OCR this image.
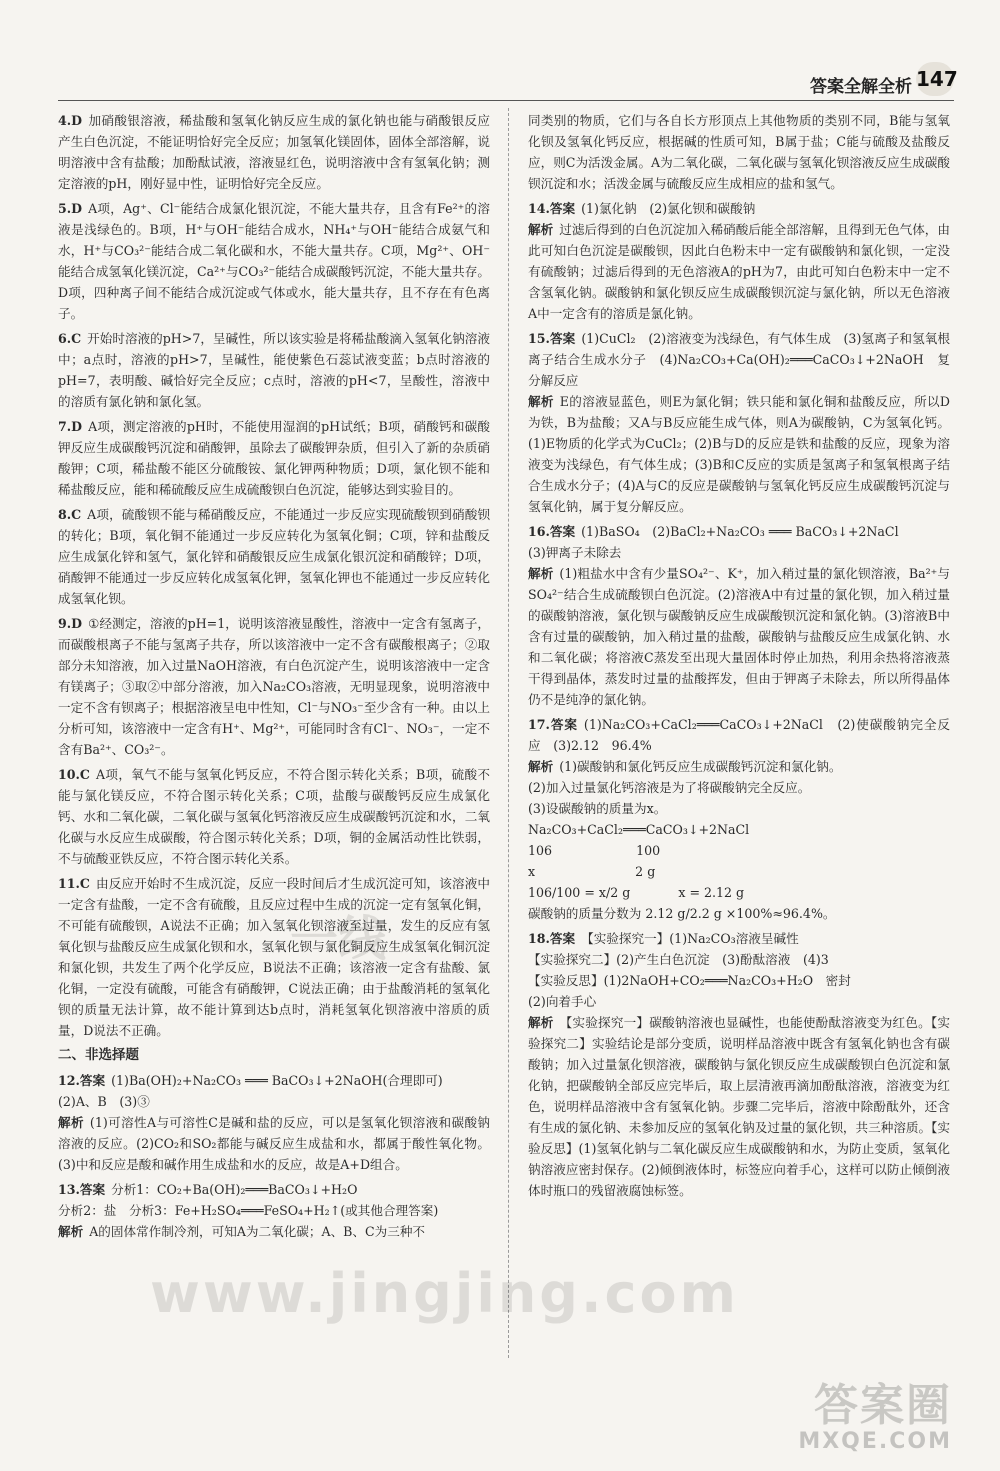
答案全解全析 147

4.D 加硝酸银溶液，稀盐酸和氢氧化钠反应生成的氯化钠也能与硝酸银反应产生白色沉淀，不能证明恰好完全反应；加氢氧化镁固体，固体全部溶解，说明溶液中含有盐酸；加酚酞试液，溶液显红色，说明溶液中含有氢氧化钠；测定溶液的pH，刚好显中性，证明恰好完全反应。

5.D A项，Ag⁺、Cl⁻能结合成氯化银沉淀，不能大量共存，且含有Fe²⁺的溶液是浅绿色的。B项，H⁺与OH⁻能结合成水，NH₄⁺与OH⁻能结合成氨气和水，H⁺与CO₃²⁻能结合成二氧化碳和水，不能大量共存。C项，Mg²⁺、OH⁻能结合成氢氧化镁沉淀，Ca²⁺与CO₃²⁻能结合成碳酸钙沉淀，不能大量共存。D项，四种离子间不能结合成沉淀或气体或水，能大量共存，且不存在有色离子。

6.C 开始时溶液的pH>7，呈碱性，所以该实验是将稀盐酸滴入氢氧化钠溶液中；a点时，溶液的pH>7，呈碱性，能使紫色石蕊试液变蓝；b点时溶液的pH=7，表明酸、碱恰好完全反应；c点时，溶液的pH<7，呈酸性，溶液中的溶质有氯化钠和氯化氢。

7.D A项，测定溶液的pH时，不能使用湿润的pH试纸；B项，硝酸钙和碳酸钾反应生成碳酸钙沉淀和硝酸钾，虽除去了碳酸钾杂质，但引入了新的杂质硝酸钾；C项，稀盐酸不能区分硫酸铵、氯化钾两种物质；D项，氯化钡不能和稀盐酸反应，能和稀硫酸反应生成硫酸钡白色沉淀，能够达到实验目的。

8.C A项，硫酸钡不能与稀硝酸反应，不能通过一步反应实现硫酸钡到硝酸钡的转化；B项，氧化铜不能通过一步反应转化为氢氧化铜；C项，锌和盐酸反应生成氯化锌和氢气，氯化锌和硝酸银反应生成氯化银沉淀和硝酸锌；D项，硝酸钾不能通过一步反应转化成氢氧化钾，氢氧化钾也不能通过一步反应转化成氢氧化钡。

9.D ①经测定，溶液的pH=1，说明该溶液显酸性，溶液中一定含有氢离子，而碳酸根离子不能与氢离子共存，所以该溶液中一定不含有碳酸根离子；②取部分未知溶液，加入过量NaOH溶液，有白色沉淀产生，说明该溶液中一定含有镁离子；③取②中部分溶液，加入Na₂CO₃溶液，无明显现象，说明溶液中一定不含有钡离子；根据溶液呈电中性知，Cl⁻与NO₃⁻至少含有一种。由以上分析可知，该溶液中一定含有H⁺、Mg²⁺，可能同时含有Cl⁻、NO₃⁻，一定不含有Ba²⁺、CO₃²⁻。

10.C A项，氧气不能与氢氧化钙反应，不符合图示转化关系；B项，硫酸不能与氯化镁反应，不符合图示转化关系；C项，盐酸与碳酸钙反应生成氯化钙、水和二氧化碳，二氧化碳与氢氧化钙溶液反应生成碳酸钙沉淀和水，二氧化碳与水反应生成碳酸，符合图示转化关系；D项，铜的金属活动性比铁弱，不与硫酸亚铁反应，不符合图示转化关系。

11.C 由反应开始时不生成沉淀，反应一段时间后才生成沉淀可知，该溶液中一定含有盐酸，一定不含有硫酸，且反应过程中生成的沉淀一定有氢氧化铜，不可能有硫酸钡，A说法不正确；加入氢氧化钡溶液至过量，发生的反应有氢氧化钡与盐酸反应生成氯化钡和水，氢氧化钡与氯化铜反应生成氢氧化铜沉淀和氯化钡，共发生了两个化学反应，B说法不正确；该溶液一定含有盐酸、氯化铜，一定没有硫酸，可能含有硝酸钾，C说法正确；由于盐酸消耗的氢氧化钡的质量无法计算，故不能计算到达b点时，消耗氢氧化钡溶液中溶质的质量，D说法不正确。

二、非选择题

12.答案 (1)Ba(OH)₂+Na₂CO₃ ═══ BaCO₃↓+2NaOH(合理即可)

(2)A、B　(3)③

解析 (1)可溶性A与可溶性C是碱和盐的反应，可以是氢氧化钡溶液和碳酸钠溶液的反应。(2)CO₂和SO₂都能与碱反应生成盐和水，都属于酸性氧化物。(3)中和反应是酸和碱作用生成盐和水的反应，故是A+D组合。

13.答案 分析1：CO₂+Ba(OH)₂═══BaCO₃↓+H₂O

分析2：盐　分析3：Fe+H₂SO₄═══FeSO₄+H₂↑(或其他合理答案)

解析 A的固体常作制冷剂，可知A为二氧化碳；A、B、C为三种不

同类别的物质，它们与各自长方形顶点上其他物质的类别不同，B能与氢氧化钡及氢氧化钙反应，根据碱的性质可知，B属于盐；C能与硫酸及盐酸反应，则C为活泼金属。A为二氧化碳，二氧化碳与氢氧化钡溶液反应生成碳酸钡沉淀和水；活泼金属与硫酸反应生成相应的盐和氢气。

14.答案 (1)氯化钠　(2)氯化钡和碳酸钠

解析 过滤后得到的白色沉淀加入稀硝酸后能全部溶解，且得到无色气体，由此可知白色沉淀是碳酸钡，因此白色粉末中一定有碳酸钠和氯化钡，一定没有硫酸钠；过滤后得到的无色溶液A的pH为7，由此可知白色粉末中一定不含氢氧化钠。碳酸钠和氯化钡反应生成碳酸钡沉淀与氯化钠，所以无色溶液A中一定含有的溶质是氯化钠。

15.答案 (1)CuCl₂　(2)溶液变为浅绿色，有气体生成　(3)氢离子和氢氧根离子结合生成水分子　(4)Na₂CO₃+Ca(OH)₂═══CaCO₃↓+2NaOH　复分解反应

解析 E的溶液显蓝色，则E为氯化铜；铁只能和氯化铜和盐酸反应，所以D为铁，B为盐酸；又A与B反应能生成气体，则A为碳酸钠，C为氢氧化钙。(1)E物质的化学式为CuCl₂；(2)B与D的反应是铁和盐酸的反应，现象为溶液变为浅绿色，有气体生成；(3)B和C反应的实质是氢离子和氢氧根离子结合生成水分子；(4)A与C的反应是碳酸钠与氢氧化钙反应生成碳酸钙沉淀与氢氧化钠，属于复分解反应。

16.答案 (1)BaSO₄　(2)BaCl₂+Na₂CO₃ ═══ BaCO₃↓+2NaCl

(3)钾离子未除去

解析 (1)粗盐水中含有少量SO₄²⁻、K⁺，加入稍过量的氯化钡溶液，Ba²⁺与SO₄²⁻结合生成硫酸钡白色沉淀。(2)溶液A中有过量的氯化钡，加入稍过量的碳酸钠溶液，氯化钡与碳酸钠反应生成碳酸钡沉淀和氯化钠。(3)溶液B中含有过量的碳酸钠，加入稍过量的盐酸，碳酸钠与盐酸反应生成氯化钠、水和二氧化碳；将溶液C蒸发至出现大量固体时停止加热，利用余热将溶液蒸干得到晶体，蒸发时过量的盐酸挥发，但由于钾离子未除去，所以所得晶体仍不是纯净的氯化钠。

17.答案 (1)Na₂CO₃+CaCl₂═══CaCO₃↓+2NaCl　(2)使碳酸钠完全反应　(3)2.12　96.4%

解析 (1)碳酸钠和氯化钙反应生成碳酸钙沉淀和氯化钠。

(2)加入过量氯化钙溶液是为了将碳酸钠完全反应。

(3)设碳酸钠的质量为x。

Na₂CO₃+CaCl₂═══CaCO₃↓+2NaCl

106                     100

x                         2 g

106/100 = x/2 g            x = 2.12 g

碳酸钠的质量分数为 2.12 g/2.2 g ×100%≈96.4%。

18.答案 【实验探究一】(1)Na₂CO₃溶液呈碱性

【实验探究二】(2)产生白色沉淀　(3)酚酞溶液　(4)3

【实验反思】(1)2NaOH+CO₂═══Na₂CO₃+H₂O　密封

(2)向着手心

解析 【实验探究一】碳酸钠溶液也显碱性，也能使酚酞溶液变为红色。【实验探究二】实验结论是部分变质，说明样品溶液中既含有氢氧化钠也含有碳酸钠；加入过量氯化钡溶液，碳酸钠与氯化钡反应生成碳酸钡白色沉淀和氯化钠，把碳酸钠全部反应完毕后，取上层清液再滴加酚酞溶液，溶液变为红色，说明样品溶液中含有氢氧化钠。步骤二完毕后，溶液中除酚酞外，还含有生成的氯化钠、未参加反应的氢氧化钠及过量的氯化钡，共三种溶质。【实验反思】(1)氢氧化钠与二氧化碳反应生成碳酸钠和水，为防止变质，氢氧化钠溶液应密封保存。(2)倾倒液体时，标签应向着手心，这样可以防止倾倒液体时瓶口的残留液腐蚀标签。

www.jingjing.com
一线
答案圈
MXQE.COM
